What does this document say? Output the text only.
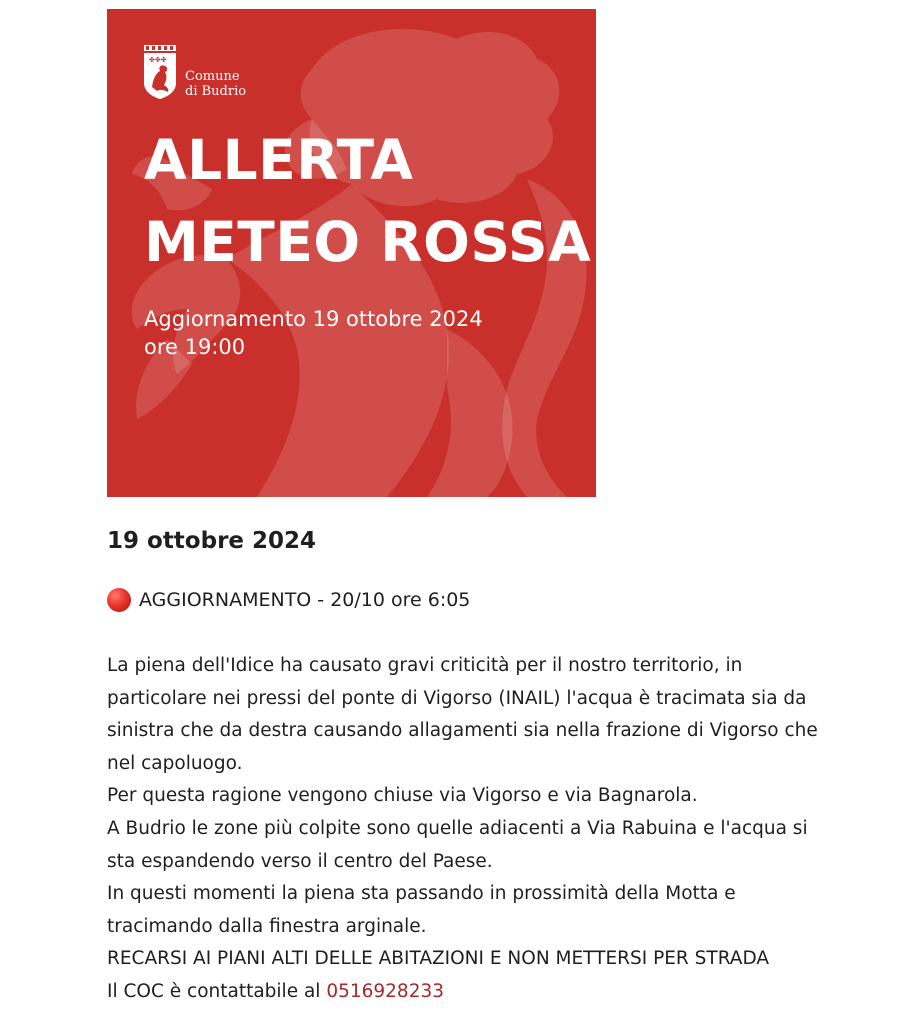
✤✤✤
Comune
di Budrio
ALLERTA
METEO ROSSA
Aggiornamento 19 ottobre 2024
ore 19:00
19 ottobre 2024
AGGIORNAMENTO - 20/10 ore 6:05

La piena dell'Idice ha causato gravi criticità per il nostro territorio, in

particolare nei pressi del ponte di Vigorso (INAIL) l'acqua è tracimata sia da

sinistra che da destra causando allagamenti sia nella frazione di Vigorso che

nel capoluogo.

Per questa ragione vengono chiuse via Vigorso e via Bagnarola.

A Budrio le zone più colpite sono quelle adiacenti a Via Rabuina e l'acqua si

sta espandendo verso il centro del Paese.

In questi momenti la piena sta passando in prossimità della Motta e

tracimando dalla finestra arginale.

RECARSI AI PIANI ALTI DELLE ABITAZIONI E NON METTERSI PER STRADA

Il COC è contattabile al 0516928233
